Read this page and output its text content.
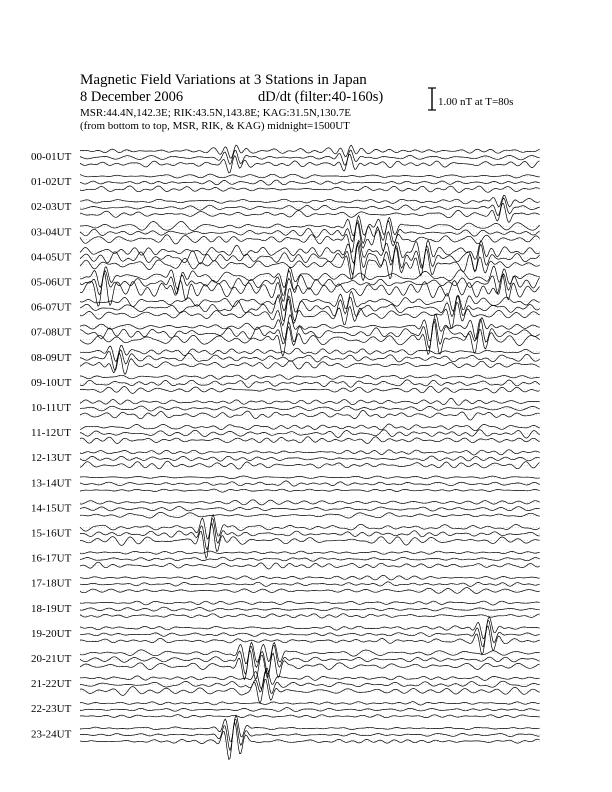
Magnetic Field Variations at 3 Stations in Japan
8 December 2006	dD/dt (filter:40-160s)
MSR:44.4N,142.3E; RIK:43.5N,143.8E; KAG:31.5N,130.7E
(from bottom to top, MSR, RIK, & KAG) midnight=1500UT
1.00 nT at T=80s
00-01UT
01-02UT
02-03UT
03-04UT
04-05UT
05-06UT
06-07UT
07-08UT
08-09UT
09-10UT
10-11UT
11-12UT
12-13UT
13-14UT
14-15UT
15-16UT
16-17UT
17-18UT
18-19UT
19-20UT
20-21UT
21-22UT
22-23UT
23-24UT
